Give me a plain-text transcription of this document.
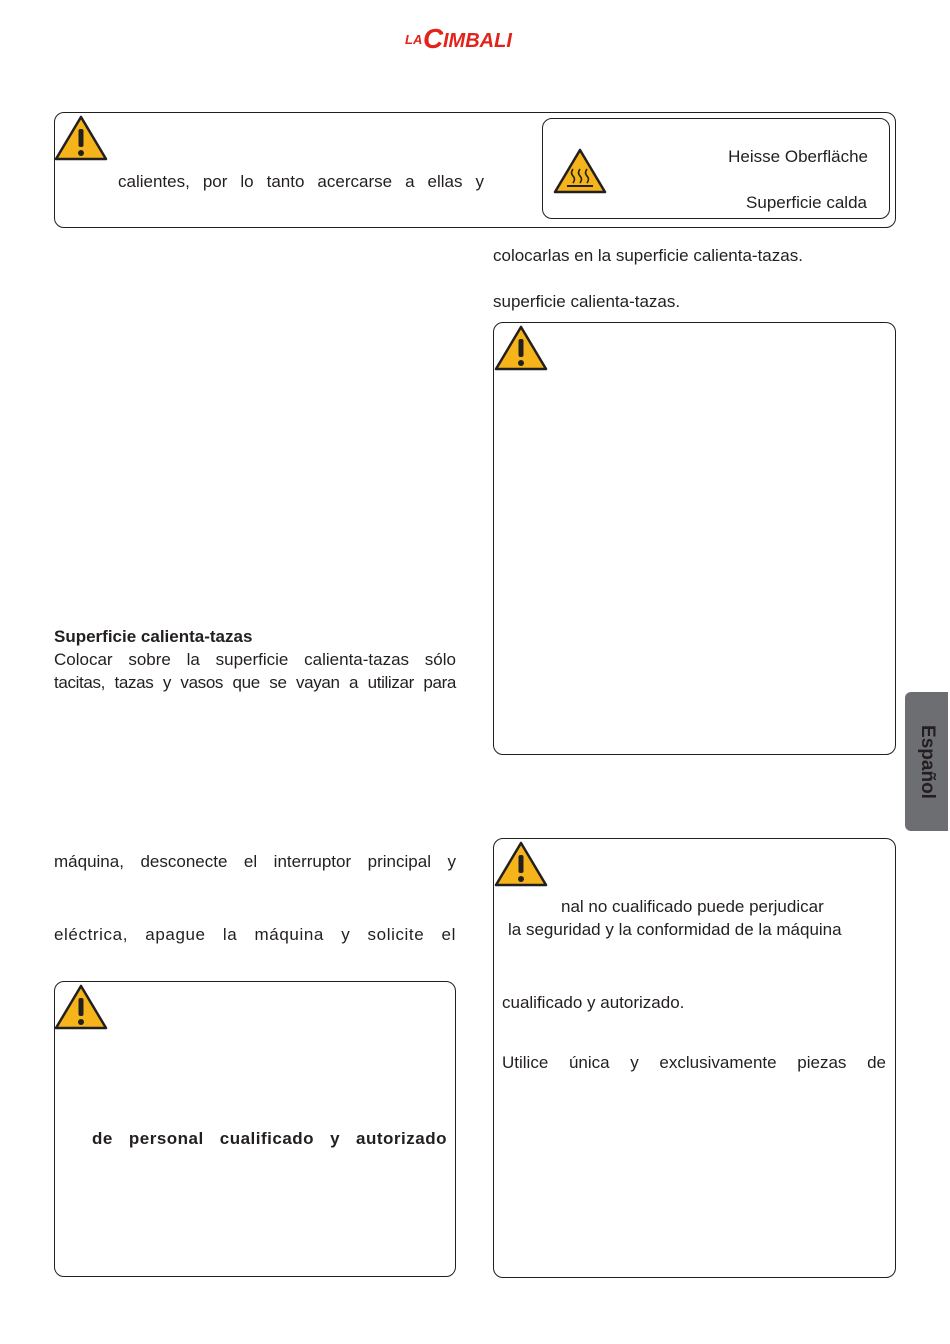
LA C IMBALI
calientes, por lo tanto acercarse a ellas y
Heisse Oberfläche
Superficie calda
colocarlas en la superficie calienta-tazas.
superficie calienta-tazas.
Superficie calienta-tazas
Colocar sobre la superficie calienta-tazas sólo
tacitas, tazas y vasos que se vayan a utilizar para
Español
máquina, desconecte el interruptor principal y
eléctrica, apague la máquina y solicite el
de personal cualificado y autorizado
nal no cualificado puede perjudicar
la seguridad y la conformidad de la máquina
cualificado y autorizado.
Utilice única y exclusivamente piezas de
